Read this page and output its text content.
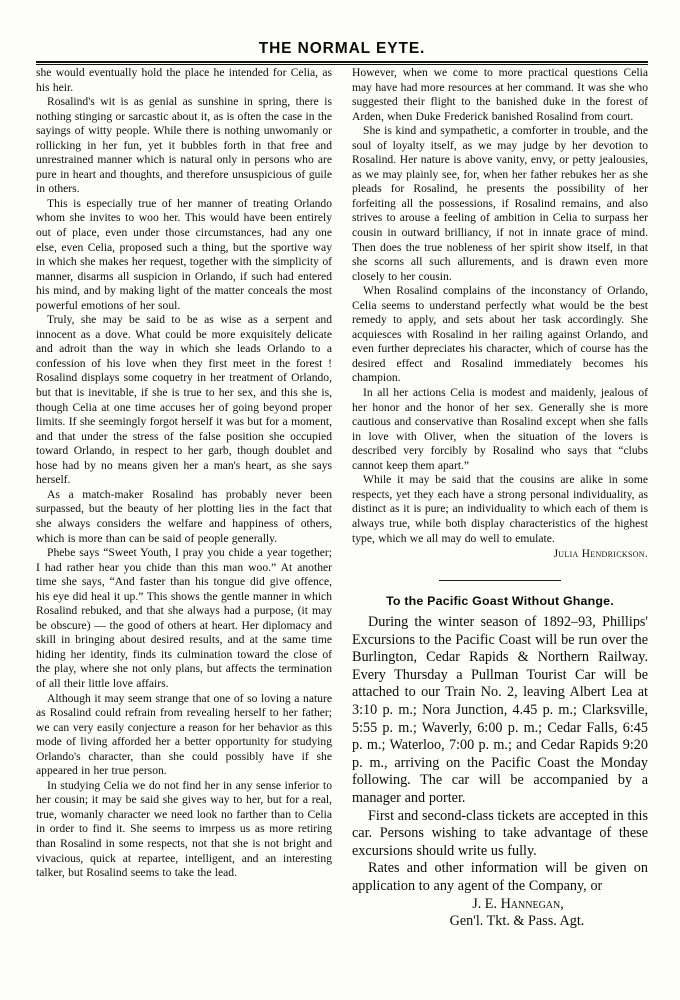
THE NORMAL EYTE.

she would eventually hold the place he intended for Celia, as his heir.

Rosalind's wit is as genial as sunshine in spring, there is nothing stinging or sarcastic about it, as is often the case in the sayings of witty people. While there is nothing unwomanly or rollicking in her fun, yet it bubbles forth in that free and unrestrained manner which is natural only in persons who are pure in heart and thoughts, and therefore unsuspicious of guile in others.

This is especially true of her manner of treating Orlando whom she invites to woo her. This would have been entirely out of place, even under those circumstances, had any one else, even Celia, proposed such a thing, but the sportive way in which she makes her request, together with the simplicity of manner, disarms all suspicion in Orlando, if such had entered his mind, and by making light of the matter conceals the most powerful emotions of her soul.

Truly, she may be said to be as wise as a serpent and innocent as a dove. What could be more exquisitely delicate and adroit than the way in which she leads Orlando to a confession of his love when they first meet in the forest ! Rosalind displays some coquetry in her treatment of Orlando, but that is inevitable, if she is true to her sex, and this she is, though Celia at one time accuses her of going beyond proper limits. If she seemingly forgot herself it was but for a moment, and that under the stress of the false position she occupied toward Orlando, in respect to her garb, though doublet and hose had by no means given her a man's heart, as she says herself.

As a match-maker Rosalind has probably never been surpassed, but the beauty of her plotting lies in the fact that she always considers the welfare and happiness of others, which is more than can be said of people generally.

Phebe says “Sweet Youth, I pray you chide a year together; I had rather hear you chide than this man woo.” At another time she says, “And faster than his tongue did give offence, his eye did heal it up.” This shows the gentle manner in which Rosalind rebuked, and that she always had a purpose, (it may be obscure) — the good of others at heart. Her diplomacy and skill in bringing about desired results, and at the same time hiding her identity, finds its culmination toward the close of the play, where she not only plans, but affects the termination of all their little love affairs.

Although it may seem strange that one of so loving a nature as Rosalind could refrain from revealing herself to her father; we can very easily conjecture a reason for her behavior as this mode of living afforded her a better opportunity for studying Orlando's character, than she could possibly have if she appeared in her true person.

In studying Celia we do not find her in any sense inferior to her cousin; it may be said she gives way to her, but for a real, true, womanly character we need look no farther than to Celia in order to find it. She seems to imrpess us as more retiring than Rosalind in some respects, not that she is not bright and vivacious, quick at repartee, intelligent, and an interesting talker, but Rosalind seems to take the lead.

However, when we come to more practical questions Celia may have had more resources at her command. It was she who suggested their flight to the banished duke in the forest of Arden, when Duke Frederick banished Rosalind from court.

She is kind and sympathetic, a comforter in trouble, and the soul of loyalty itself, as we may judge by her devotion to Rosalind. Her nature is above vanity, envy, or petty jealousies, as we may plainly see, for, when her father rebukes her as she pleads for Rosalind, he presents the possibility of her forfeiting all the possessions, if Rosalind remains, and also strives to arouse a feeling of ambition in Celia to surpass her cousin in outward brilliancy, if not in innate grace of mind. Then does the true nobleness of her spirit show itself, in that she scorns all such allurements, and is drawn even more closely to her cousin.

When Rosalind complains of the inconstancy of Orlando, Celia seems to understand perfectly what would be the best remedy to apply, and sets about her task accordingly. She acquiesces with Rosalind in her railing against Orlando, and even further depreciates his character, which of course has the desired effect and Rosalind immediately becomes his champion.

In all her actions Celia is modest and maidenly, jealous of her honor and the honor of her sex. Generally she is more cautious and conservative than Rosalind except when she falls in love with Oliver, when the situation of the lovers is described very forcibly by Rosalind who says that “clubs cannot keep them apart.”

While it may be said that the cousins are alike in some respects, yet they each have a strong personal individuality, as distinct as it is pure; an individuality to which each of them is always true, while both display characteristics of the highest type, which we all may do well to emulate.

Julia Hendrickson.
To the Pacific Goast Without Ghange.

During the winter season of 1892–93, Phillips' Excursions to the Pacific Coast will be run over the Burlington, Cedar Rapids & Northern Railway. Every Thursday a Pullman Tourist Car will be attached to our Train No. 2, leaving Albert Lea at 3:10 p. m.; Nora Junction, 4.45 p. m.; Clarksville, 5:55 p. m.; Waverly, 6:00 p. m.; Cedar Falls, 6:45 p. m.; Waterloo, 7:00 p. m.; and Cedar Rapids 9:20 p. m., arriving on the Pacific Coast the Monday following. The car will be accompanied by a manager and porter.

First and second-class tickets are accepted in this car. Persons wishing to take advantage of these excursions should write us fully.

Rates and other information will be given on application to any agent of the Company, or

J. E. Hannegan,
Gen'l. Tkt. & Pass. Agt.
